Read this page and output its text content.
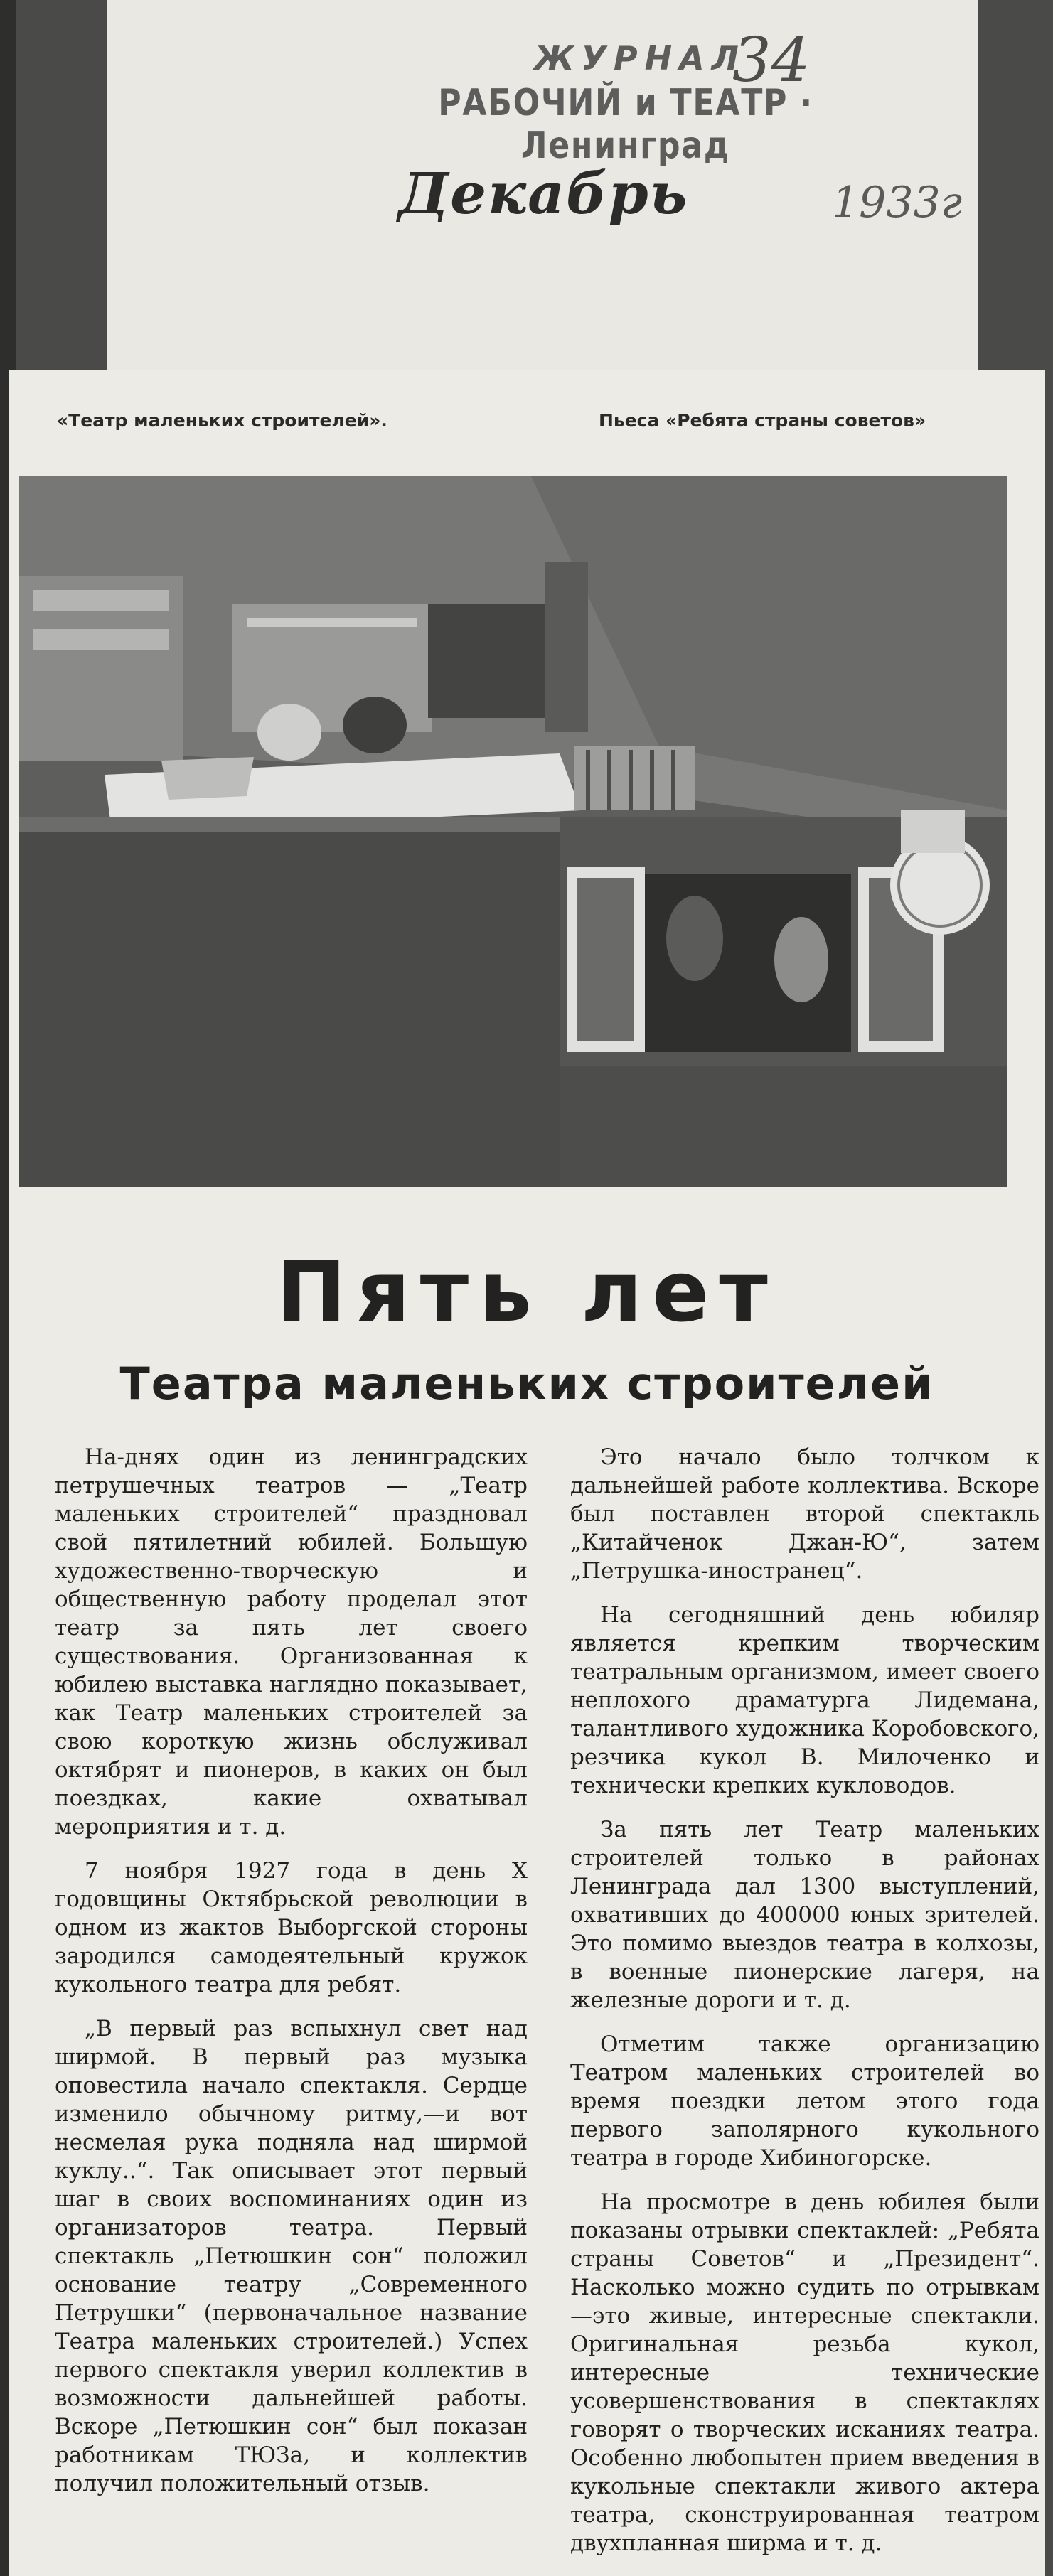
ЖУРНАЛ
РАБОЧИЙ и ТЕАТР · Ленинград
34
Декабрь	1933г
«Театр маленьких строителей».	Пьеса «Ребята страны советов»
Пять лет
Театра маленьких строителей

На-днях один из ленинградских петрушечных театров — „Театр маленьких строителей“ праздновал свой пятилетний юбилей. Большую художественно-творческую и общественную работу проделал этот театр за пять лет своего существования. Организованная к юбилею выставка наглядно показывает, как Театр маленьких строителей за свою короткую жизнь обслуживал октябрят и пионеров, в каких он был поездках, какие охватывал мероприятия и т. д.

7 ноября 1927 года в день X годовщины Октябрьской революции в одном из жактов Выборгской стороны зародился самодеятельный кружок кукольного театра для ребят.

„В первый раз вспыхнул свет над ширмой. В первый раз музыка оповестила начало спектакля. Сердце изменило обычному ритму,—и вот несмелая рука подняла над ширмой куклу..“. Так описывает этот первый шаг в своих воспоминаниях один из организаторов театра. Первый спектакль „Петюшкин сон“ положил основание театру „Современного Петрушки“ (первоначальное название Театра маленьких строителей.) Успех первого спектакля уверил коллектив в возможности дальнейшей работы. Вскоре „Петюшкин сон“ был показан работникам ТЮЗа, и коллектив получил положительный отзыв.

Это начало было толчком к дальнейшей работе коллектива. Вскоре был поставлен второй спектакль „Китайченок Джан-Ю“, затем „Петрушка-иностранец“.

На сегодняшний день юбиляр является крепким творческим театральным организмом, имеет своего неплохого драматурга Лидемана, талантливого художника Коробовского, резчика кукол В. Милоченко и технически крепких кукловодов.

За пять лет Театр маленьких строителей только в районах Ленинграда дал 1300 выступлений, охвативших до 400000 юных зрителей. Это помимо выездов театра в колхозы, в военные пионерские лагеря, на железные дороги и т. д.

Отметим также организацию Театром маленьких строителей во время поездки летом этого года первого заполярного кукольного театра в городе Хибиногорске.

На просмотре в день юбилея были показаны отрывки спектаклей: „Ребята страны Советов“ и „Президент“. Насколько можно судить по отрывкам—это живые, интересные спектакли. Оригинальная резьба кукол, интересные технические усовершенствования в спектаклях говорят о творческих исканиях театра. Особенно любопытен прием введения в кукольные спектакли живого актера театра, сконструированная театром двухпланная ширма и т. д.
